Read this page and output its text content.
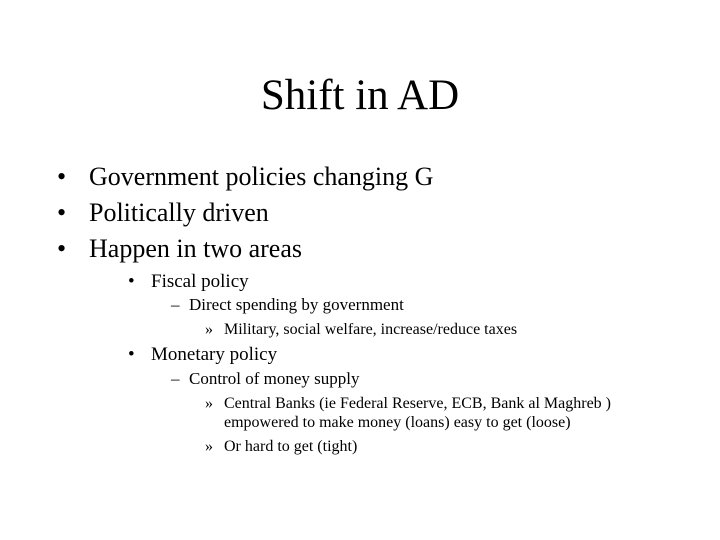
Shift in AD
• Government policies changing G
• Politically driven
• Happen in two areas
• Fiscal policy
– Direct spending by government
» Military, social welfare, increase/reduce taxes
• Monetary policy
– Control of money supply
» Central Banks (ie Federal Reserve, ECB, Bank al Maghreb )
empowered to make money (loans) easy to get (loose)
» Or hard to get (tight)
